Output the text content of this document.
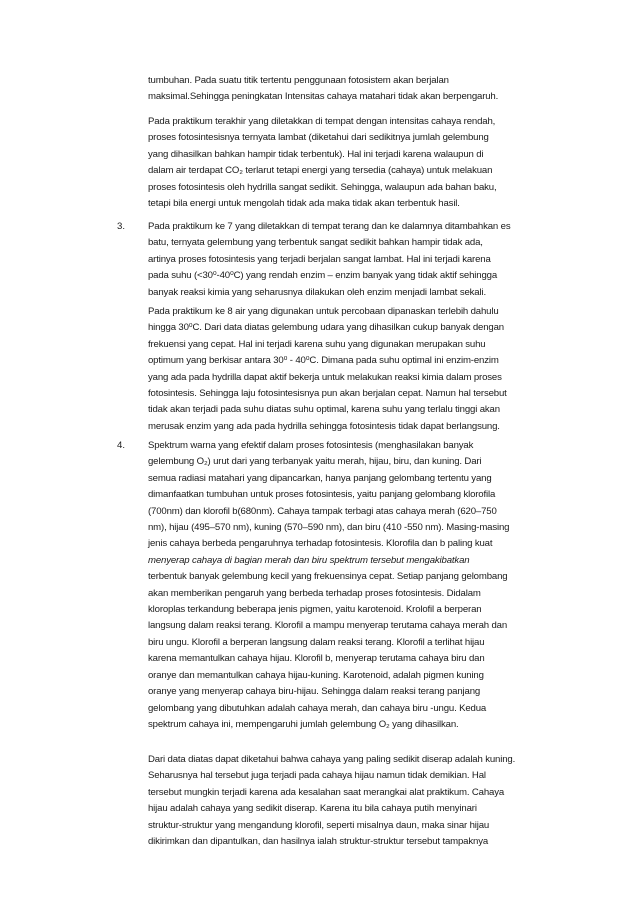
tumbuhan. Pada suatu titik tertentu penggunaan fotosistem akan berjalan
maksimal.Sehingga peningkatan Intensitas cahaya matahari tidak akan berpengaruh.

Pada praktikum terakhir yang diletakkan di tempat dengan intensitas cahaya rendah,
proses fotosintesisnya ternyata lambat (diketahui dari sedikitnya jumlah gelembung
yang dihasilkan bahkan hampir tidak terbentuk). Hal ini terjadi karena walaupun di
dalam air terdapat CO₂ terlarut tetapi energi yang tersedia (cahaya) untuk melakuan
proses fotosintesis oleh hydrilla sangat sedikit. Sehingga, walaupun ada bahan baku,
tetapi bila energi untuk mengolah tidak ada maka tidak akan terbentuk hasil.

3. Pada praktikum ke 7 yang diletakkan di tempat terang dan ke dalamnya ditambahkan es
batu, ternyata gelembung yang terbentuk sangat sedikit bahkan hampir tidak ada,
artinya proses fotosintesis yang terjadi berjalan sangat lambat. Hal ini terjadi karena
pada suhu (<30⁰-40⁰C) yang rendah enzim – enzim banyak yang tidak aktif sehingga
banyak reaksi kimia yang seharusnya dilakukan oleh enzim menjadi lambat sekali.

Pada praktikum ke 8 air yang digunakan untuk percobaan dipanaskan terlebih dahulu
hingga 30⁰C. Dari data diatas gelembung udara yang dihasilkan cukup banyak dengan
frekuensi yang cepat. Hal ini terjadi karena suhu yang digunakan merupakan suhu
optimum yang berkisar antara 30⁰ - 40⁰C. Dimana pada suhu optimal ini enzim-enzim
yang ada pada hydrilla dapat aktif bekerja untuk melakukan reaksi kimia dalam proses
fotosintesis. Sehingga laju fotosintesisnya pun akan berjalan cepat. Namun hal tersebut
tidak akan terjadi pada suhu diatas suhu optimal, karena suhu yang terlalu tinggi akan
merusak enzim yang ada pada hydrilla sehingga fotosintesis tidak dapat berlangsung.

4. Spektrum warna yang efektif dalam proses fotosintesis (menghasilakan banyak
gelembung O₂) urut dari yang terbanyak yaitu merah, hijau, biru, dan kuning. Dari
semua radiasi matahari yang dipancarkan, hanya panjang gelombang tertentu yang
dimanfaatkan tumbuhan untuk proses fotosintesis, yaitu panjang gelombang klorofila
(700nm) dan klorofil b(680nm). Cahaya tampak terbagi atas cahaya merah (620–750
nm), hijau (495–570 nm), kuning (570–590 nm), dan biru (410 -550 nm). Masing-masing
jenis cahaya berbeda pengaruhnya terhadap fotosintesis. Klorofila dan b paling kuat
menyerap cahaya di bagian merah dan biru spektrum tersebut mengakibatkan
terbentuk banyak gelembung kecil yang frekuensinya cepat. Setiap panjang gelombang
akan memberikan pengaruh yang berbeda terhadap proses fotosintesis. Didalam
kloroplas terkandung beberapa jenis pigmen, yaitu karotenoid. Krolofil a berperan
langsung dalam reaksi terang. Klorofil a mampu menyerap terutama cahaya merah dan
biru ungu. Klorofil a berperan langsung dalam reaksi terang. Klorofil a terlihat hijau
karena memantulkan cahaya hijau. Klorofil b, menyerap terutama cahaya biru dan
oranye dan memantulkan cahaya hijau-kuning. Karotenoid, adalah pigmen kuning
oranye yang menyerap cahaya biru-hijau. Sehingga dalam reaksi terang panjang
gelombang yang dibutuhkan adalah cahaya merah, dan cahaya biru -ungu. Kedua
spektrum cahaya ini, mempengaruhi jumlah gelembung O₂ yang dihasilkan.

Dari data diatas dapat diketahui bahwa cahaya yang paling sedikit diserap adalah kuning.
Seharusnya hal tersebut juga terjadi pada cahaya hijau namun tidak demikian. Hal
tersebut mungkin terjadi karena ada kesalahan saat merangkai alat praktikum. Cahaya
hijau adalah cahaya yang sedikit diserap. Karena itu bila cahaya putih menyinari
struktur-struktur yang mengandung klorofil, seperti misalnya daun, maka sinar hijau
dikirimkan dan dipantulkan, dan hasilnya ialah struktur-struktur tersebut tampaknya
